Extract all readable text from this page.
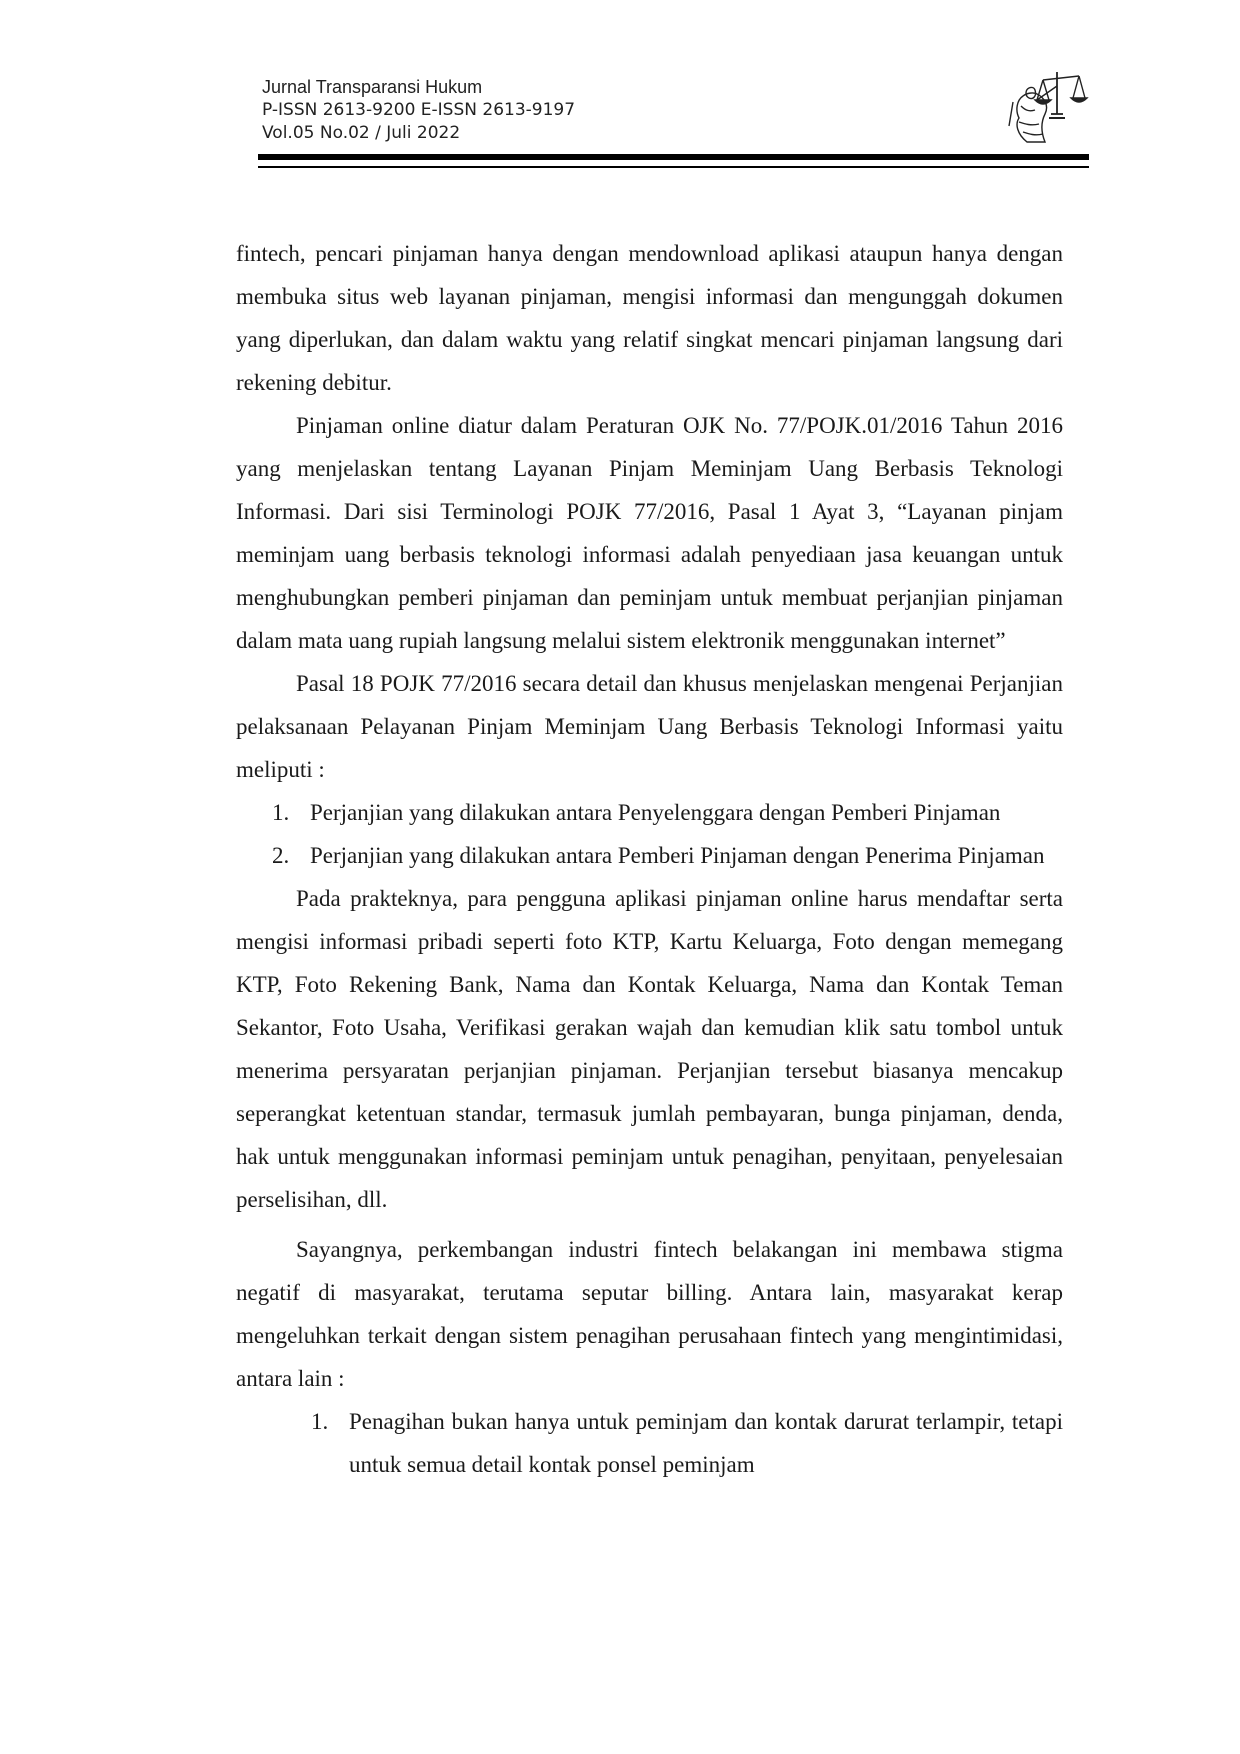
Jurnal Transparansi Hukum
P-ISSN 2613-9200 E-ISSN 2613-9197
Vol.05 No.02 / Juli 2022

fintech, pencari pinjaman hanya dengan mendownload aplikasi ataupun hanya dengan membuka situs web layanan pinjaman, mengisi informasi dan mengunggah dokumen yang diperlukan, dan dalam waktu yang relatif singkat mencari pinjaman langsung dari rekening debitur.

Pinjaman online diatur dalam Peraturan OJK No. 77/POJK.01/2016 Tahun 2016 yang menjelaskan tentang Layanan Pinjam Meminjam Uang Berbasis Teknologi Informasi. Dari sisi Terminologi POJK 77/2016, Pasal 1 Ayat 3, “Layanan pinjam meminjam uang berbasis teknologi informasi adalah penyediaan jasa keuangan untuk menghubungkan pemberi pinjaman dan peminjam untuk membuat perjanjian pinjaman dalam mata uang rupiah langsung melalui sistem elektronik menggunakan internet”

Pasal 18 POJK 77/2016 secara detail dan khusus menjelaskan mengenai Perjanjian pelaksanaan Pelayanan Pinjam Meminjam Uang Berbasis Teknologi Informasi yaitu meliputi :

1. Perjanjian yang dilakukan antara Penyelenggara dengan Pemberi Pinjaman
2. Perjanjian yang dilakukan antara Pemberi Pinjaman dengan Penerima Pinjaman

Pada prakteknya, para pengguna aplikasi pinjaman online harus mendaftar serta mengisi informasi pribadi seperti foto KTP, Kartu Keluarga, Foto dengan memegang KTP, Foto Rekening Bank, Nama dan Kontak Keluarga, Nama dan Kontak Teman Sekantor, Foto Usaha, Verifikasi gerakan wajah dan kemudian klik satu tombol untuk menerima persyaratan perjanjian pinjaman. Perjanjian tersebut biasanya mencakup seperangkat ketentuan standar, termasuk jumlah pembayaran, bunga pinjaman, denda, hak untuk menggunakan informasi peminjam untuk penagihan, penyitaan, penyelesaian perselisihan, dll.

Sayangnya, perkembangan industri fintech belakangan ini membawa stigma negatif di masyarakat, terutama seputar billing. Antara lain, masyarakat kerap mengeluhkan terkait dengan sistem penagihan perusahaan fintech yang mengintimidasi, antara lain :

1. Penagihan bukan hanya untuk peminjam dan kontak darurat terlampir, tetapi untuk semua detail kontak ponsel peminjam
